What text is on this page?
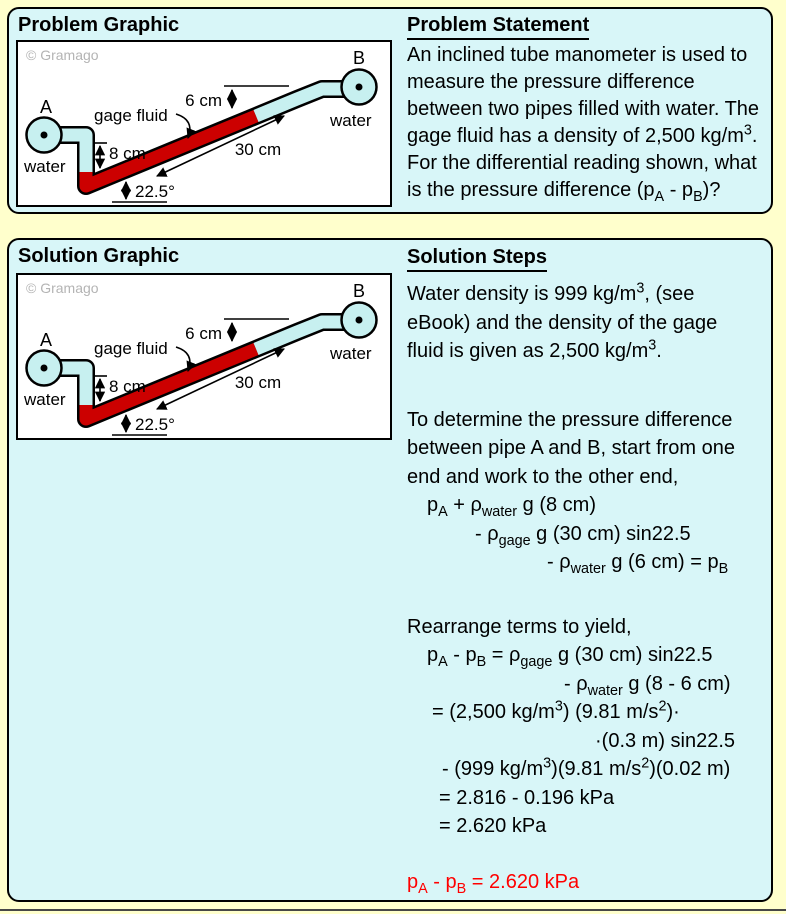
Problem Graphic
© Gramago
8 cm
6 cm
30 cm
22.5°
gage fluid
A
B
water
water
Problem Statement
An inclined tube manometer is used to
measure the pressure difference
between two pipes filled with water. The
gage fluid has a density of 2,500 $kg/m^3$.
For the differential reading shown, what
is the pressure difference $(p_A - p_B)$?
Solution Graphic
© Gramago
8 cm
6 cm
30 cm
22.5°
gage fluid
A
B
water
water
Solution Steps
Water density is 999 $kg/m^3$, (see
eBook) and the density of the gage
fluid is given as 2,500 $kg/m^3$.
To determine the pressure difference
between pipe A and B, start from one
end and work to the other end,
$p_A + \rho_{water}$ g (8 cm)
- $\rho_{gage}$ g (30 cm) sin22.5
- $\rho_{water}$ g (6 $cm) = p_B$
Rearrange terms to yield,
$p_A - p_B = \rho_{gage}$ g (30 cm) sin22.5
- $\rho_{water}$ g (8 - 6 cm)
= (2,500 $kg/m^3$) (9.81 $m/s^2)\cdot$
·(0.3 m) sin22.5
- (999 $kg/m^3)(9.81$ $m/s^2)(0.02$ m)
= 2.816 - 0.196 kPa
= 2.620 kPa
$p_A - p_B = 2.620$ kPa
